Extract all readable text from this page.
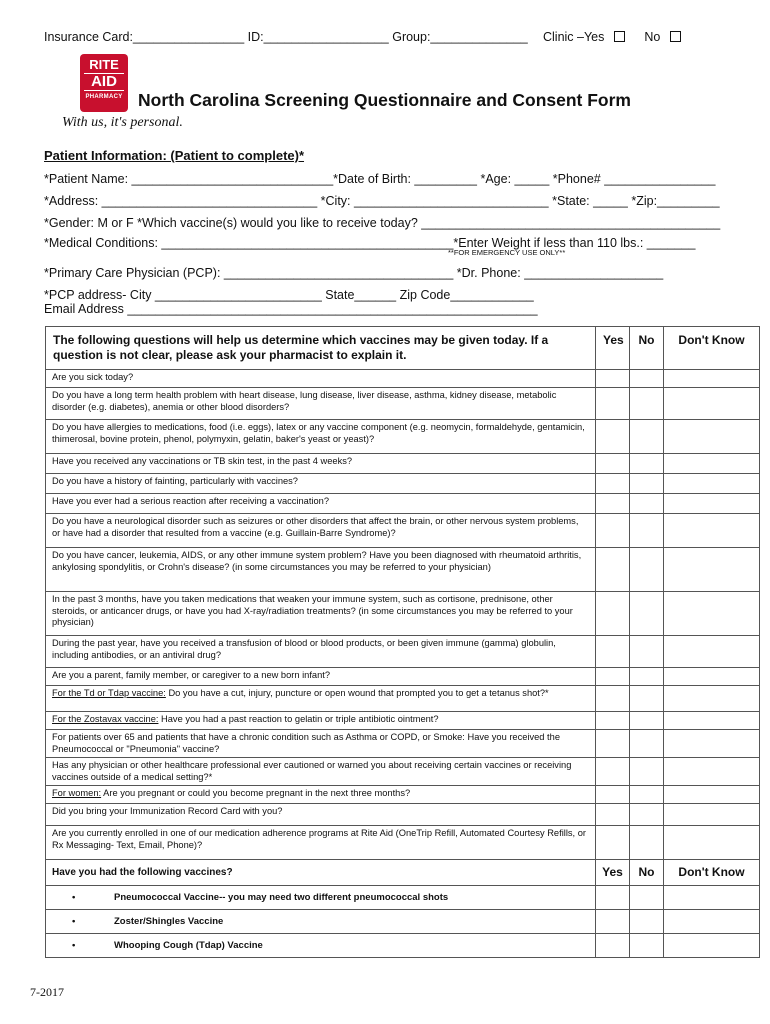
Insurance Card:________________ ID:__________________ Group:______________ Clinic –Yes	No
RITE
AID
PHARMACY
With us, it's personal.
North Carolina Screening Questionnaire and Consent Form
Patient Information: (Patient to complete)*
*Patient Name: _____________________________*Date of Birth: _________ *Age: _____ *Phone# ________________
*Address: _______________________________ *City: ____________________________ *State: _____ *Zip:_________
*Gender: M or F *Which vaccine(s) would you like to receive today? ___________________________________________
*Medical Conditions: __________________________________________*Enter Weight if less than 110 lbs.: _______
**FOR EMERGENCY USE ONLY**
*Primary Care Physician (PCP): _________________________________ *Dr. Phone: ____________________
*PCP address- City ________________________ State______ Zip Code____________
Email Address ___________________________________________________________
The following questions will help us determine which vaccines may be given today. If a question is not clear, please ask your pharmacist to explain it.	Yes	No	Don't Know
Are you sick today?			
Do you have a long term health problem with heart disease, lung disease, liver disease, asthma, kidney disease, metabolic disorder (e.g. diabetes), anemia or other blood disorders?			
Do you have allergies to medications, food (i.e. eggs), latex or any vaccine component (e.g. neomycin, formaldehyde, gentamicin, thimerosal, bovine protein, phenol, polymyxin, gelatin, baker's yeast or yeast)?			
Have you received any vaccinations or TB skin test, in the past 4 weeks?			
Do you have a history of fainting, particularly with vaccines?			
Have you ever had a serious reaction after receiving a vaccination?			
Do you have a neurological disorder such as seizures or other disorders that affect the brain, or other nervous system problems, or have had a disorder that resulted from a vaccine (e.g. Guillain-Barre Syndrome)?			
Do you have cancer, leukemia, AIDS, or any other immune system problem? Have you been diagnosed with rheumatoid arthritis, ankylosing spondylitis, or Crohn's disease? (in some circumstances you may be referred to your physician)			
In the past 3 months, have you taken medications that weaken your immune system, such as cortisone, prednisone, other steroids, or anticancer drugs, or have you had X-ray/radiation treatments? (in some circumstances you may be referred to your physician)			
During the past year, have you received a transfusion of blood or blood products, or been given immune (gamma) globulin, including antibodies, or an antiviral drug?			
Are you a parent, family member, or caregiver to a new born infant?			
For the Td or Tdap vaccine: Do you have a cut, injury, puncture or open wound that prompted you to get a tetanus shot?*			
For the Zostavax vaccine: Have you had a past reaction to gelatin or triple antibiotic ointment?			
For patients over 65 and patients that have a chronic condition such as Asthma or COPD, or Smoke: Have you received the Pneumococcal or "Pneumonia" vaccine?			
Has any physician or other healthcare professional ever cautioned or warned you about receiving certain vaccines or receiving vaccines outside of a medical setting?*			
For women: Are you pregnant or could you become pregnant in the next three months?			
Did you bring your Immunization Record Card with you?			
Are you currently enrolled in one of our medication adherence programs at Rite Aid (OneTrip Refill, Automated Courtesy Refills, or Rx Messaging- Text, Email, Phone)?			
Have you had the following vaccines?	Yes	No	Don't Know
• Pneumococcal Vaccine-- you may need two different pneumococcal shots			
• Zoster/Shingles Vaccine			
• Whooping Cough (Tdap) Vaccine			
7-2017
